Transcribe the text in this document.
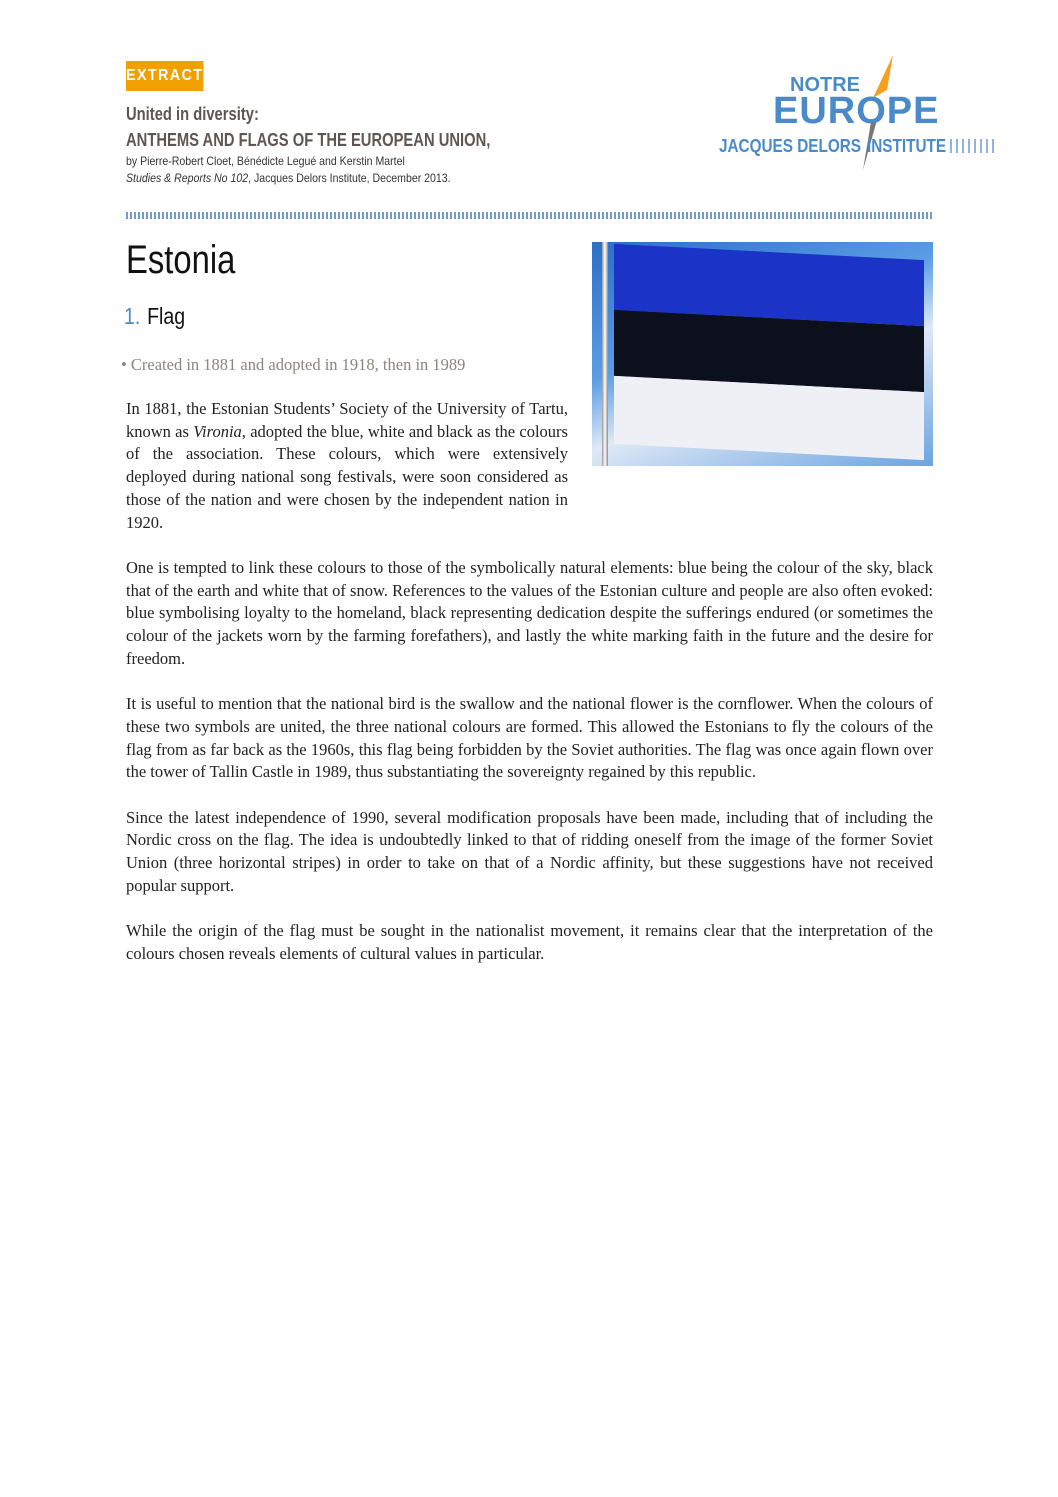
EXTRACT
United in diversity:
ANTHEMS AND FLAGS OF THE EUROPEAN UNION,
by Pierre-Robert Cloet, Bénédicte Legué and Kerstin Martel
Studies & Reports No 102, Jacques Delors Institute, December 2013.
NOTRE
EUROPE
JACQUES DELORS INSTITUTE
Estonia
1. Flag
• Created in 1881 and adopted in 1918, then in 1989

In 1881, the Estonian Students’ Society of the University of Tartu, known as Vironia, adopted the blue, white and black as the colours of the association. These colours, which were extensively deployed during national song festivals, were soon considered as those of the nation and were chosen by the independent nation in 1920.

One is tempted to link these colours to those of the symbolically natural elements: blue being the colour of the sky, black that of the earth and white that of snow. References to the values of the Estonian culture and people are also often evoked: blue symbolising loyalty to the homeland, black representing dedication despite the sufferings endured (or sometimes the colour of the jackets worn by the farming forefathers), and lastly the white marking faith in the future and the desire for freedom.

It is useful to mention that the national bird is the swallow and the national flower is the cornflower. When the colours of these two symbols are united, the three national colours are formed. This allowed the Estonians to fly the colours of the flag from as far back as the 1960s, this flag being forbidden by the Soviet authorities. The flag was once again flown over the tower of Tallin Castle in 1989, thus substantiating the sovereignty regained by this republic.

Since the latest independence of 1990, several modification proposals have been made, including that of including the Nordic cross on the flag. The idea is undoubtedly linked to that of ridding oneself from the image of the former Soviet Union (three horizontal stripes) in order to take on that of a Nordic affinity, but these suggestions have not received popular support.

While the origin of the flag must be sought in the nationalist movement, it remains clear that the interpretation of the colours chosen reveals elements of cultural values in particular.
